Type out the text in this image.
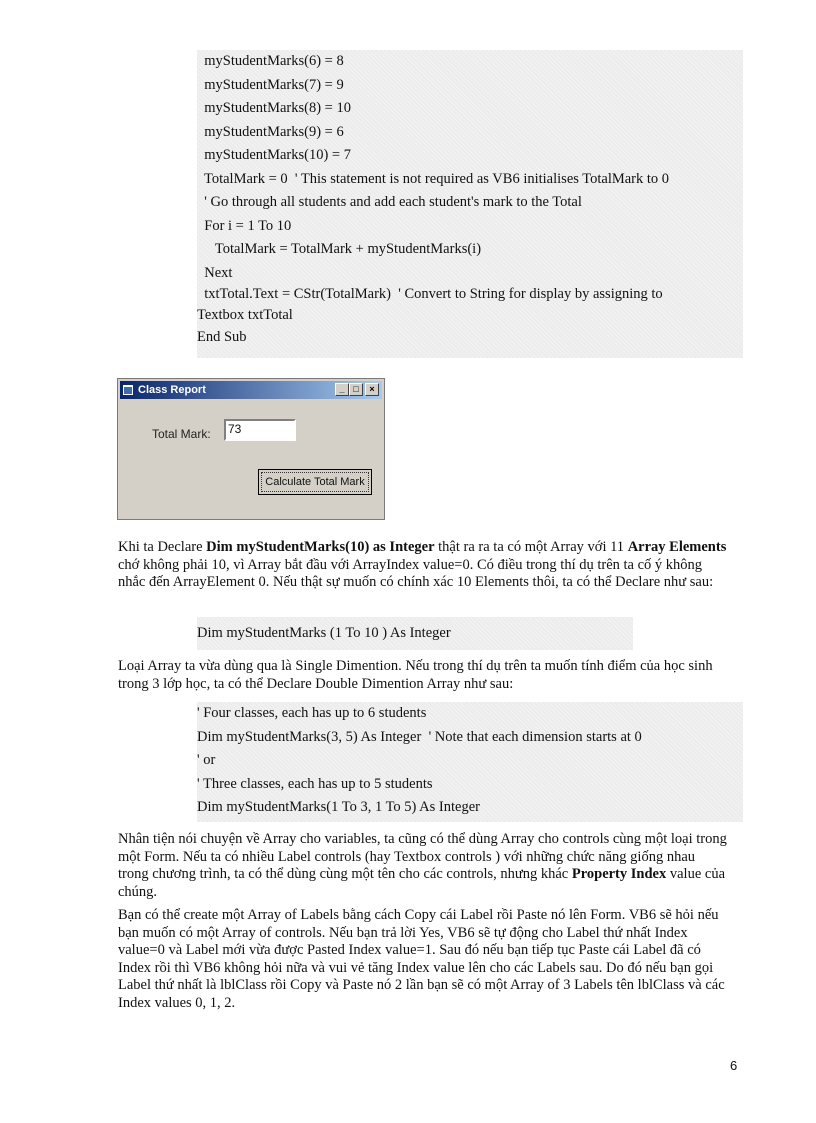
myStudentMarks(6) = 8
myStudentMarks(7) = 9
myStudentMarks(8) = 10
myStudentMarks(9) = 6
myStudentMarks(10) = 7
TotalMark = 0  ' This statement is not required as VB6 initialises TotalMark to 0
' Go through all students and add each student's mark to the Total
For i = 1 To 10
TotalMark = TotalMark + myStudentMarks(i)
Next
txtTotal.Text = CStr(TotalMark)  ' Convert to String for display by assigning to
Textbox txtTotal
End Sub
Class Report	_ □	×
Total Mark:	73
Calculate Total Mark
Khi ta Declare Dim myStudentMarks(10) as Integer thật ra ra ta có một Array với 11 Array Elements chớ không phải 10, vì Array bắt đầu với ArrayIndex value=0. Có điều trong thí dụ trên ta cố ý không nhắc đến ArrayElement 0. Nếu thật sự muốn có chính xác 10 Elements thôi, ta có thể Declare như sau:
Dim myStudentMarks (1 To 10 ) As Integer
Loại Array ta vừa dùng qua là Single Dimention. Nếu trong thí dụ trên ta muốn tính điểm của học sinh trong 3 lớp học, ta có thể Declare Double Dimention Array như sau:
' Four classes, each has up to 6 students
Dim myStudentMarks(3, 5) As Integer  ' Note that each dimension starts at 0
' or
' Three classes, each has up to 5 students
Dim myStudentMarks(1 To 3, 1 To 5) As Integer
Nhân tiện nói chuyện về Array cho variables, ta cũng có thể dùng Array cho controls cùng một loại trong một Form. Nếu ta có nhiều Label controls (hay Textbox controls ) với những chức năng giống nhau trong chương trình, ta có thể dùng cùng một tên cho các controls, nhưng khác Property Index value của chúng.
Bạn có thể create một Array of Labels bằng cách Copy cái Label rồi Paste nó lên Form. VB6 sẽ hỏi nếu bạn muốn có một Array of controls. Nếu bạn trả lời Yes, VB6 sẽ tự động cho Label thứ nhất Index value=0 và Label mới vừa được Pasted Index value=1. Sau đó nếu bạn tiếp tục Paste cái Label đã có Index rồi thì VB6 không hỏi nữa và vui vẻ tăng Index value lên cho các Labels sau. Do đó nếu bạn gọi Label thứ nhất là lblClass rồi Copy và Paste nó 2 lần bạn sẽ có một Array of 3 Labels tên lblClass và các Index values 0, 1, 2.
6
